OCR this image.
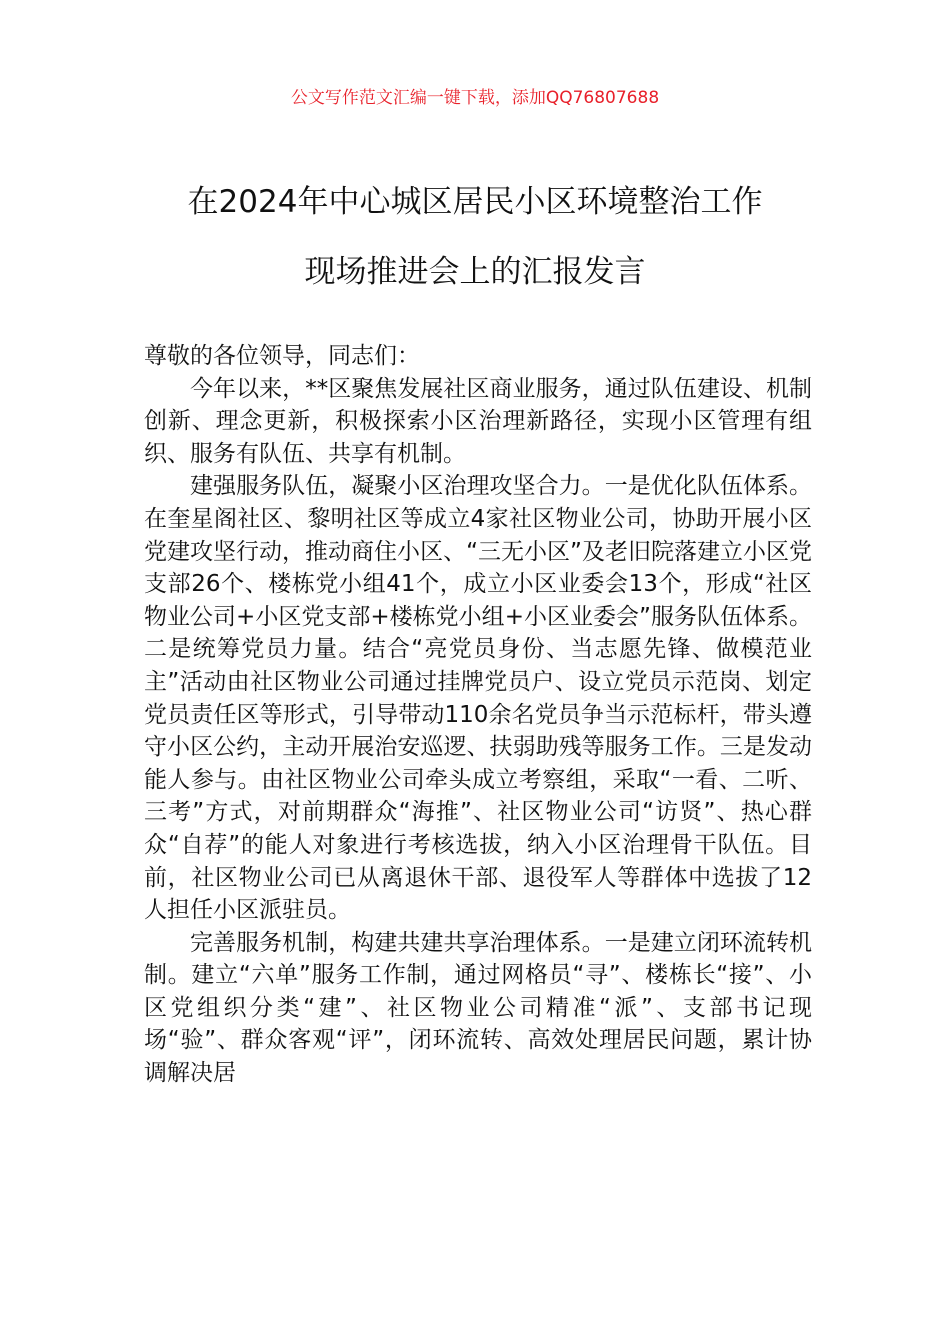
公文写作范文汇编一键下载，添加QQ76807688
在2024年中心城区居民小区环境整治工作
现场推进会上的汇报发言

尊敬的各位领导，同志们：

今年以来，**区聚焦发展社区商业服务，通过队伍建设、机制创新、理念更新，积极探索小区治理新路径，实现小区管理有组织、服务有队伍、共享有机制。

建强服务队伍，凝聚小区治理攻坚合力。一是优化队伍体系。在奎星阁社区、黎明社区等成立4家社区物业公司，协助开展小区党建攻坚行动，推动商住小区、“三无小区”及老旧院落建立小区党支部26个、楼栋党小组41个，成立小区业委会13个，形成“社区物业公司+小区党支部+楼栋党小组+小区业委会”服务队伍体系。二是统筹党员力量。结合“亮党员身份、当志愿先锋、做模范业主”活动由社区物业公司通过挂牌党员户、设立党员示范岗、划定党员责任区等形式，引导带动110余名党员争当示范标杆，带头遵守小区公约，主动开展治安巡逻、扶弱助残等服务工作。三是发动能人参与。由社区物业公司牵头成立考察组，采取“一看、二听、三考”方式，对前期群众“海推”、社区物业公司“访贤”、热心群众“自荐”的能人对象进行考核选拔，纳入小区治理骨干队伍。目前，社区物业公司已从离退休干部、退役军人等群体中选拔了12人担任小区派驻员。

完善服务机制，构建共建共享治理体系。一是建立闭环流转机制。建立“六单”服务工作制，通过网格员“寻”、楼栋长“接”、小区党组织分类“建”、社区物业公司精准“派”、支部书记现场“验”、群众客观“评”，闭环流转、高效处理居民问题，累计协调解决居
